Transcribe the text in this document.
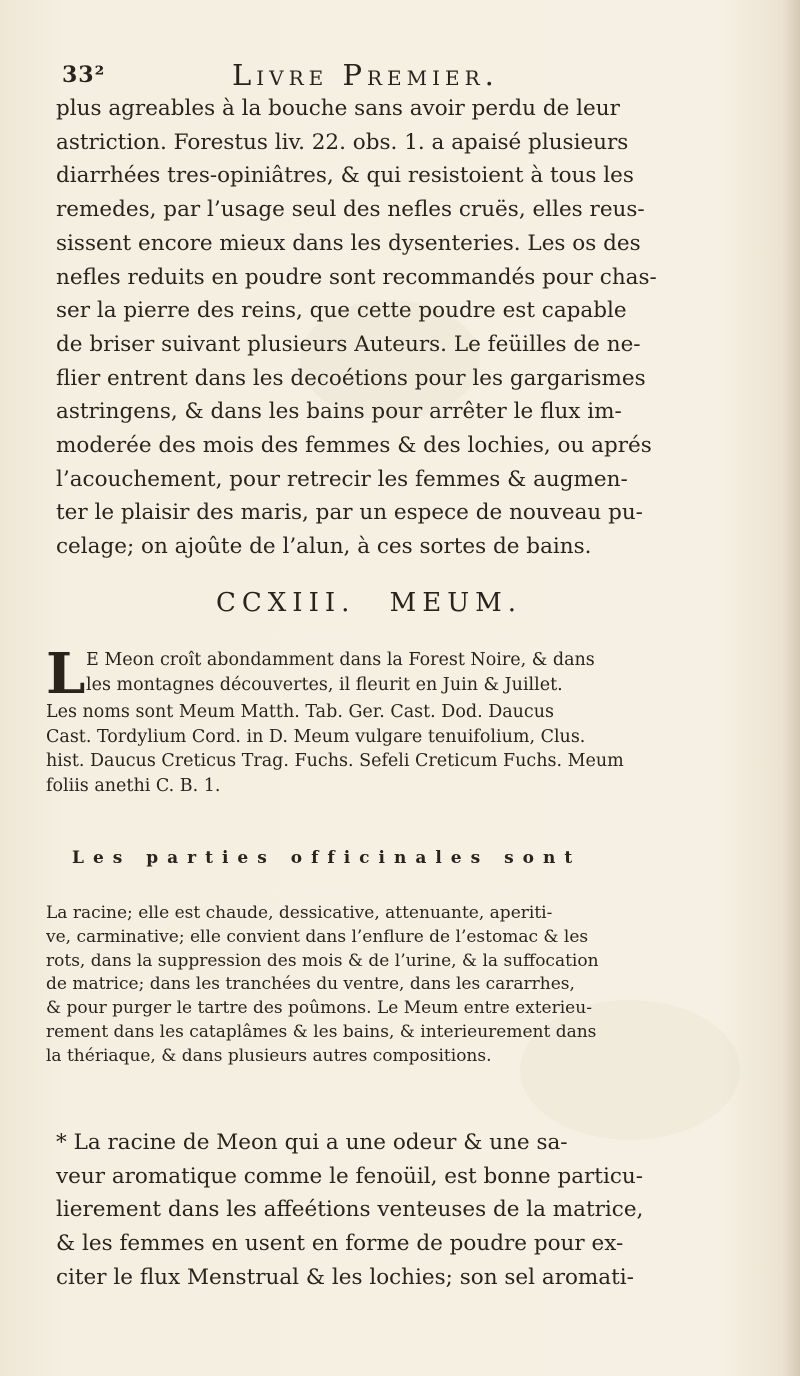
33²	Livre Premier.

plus agreables à la bouche sans avoir perdu de leur
astriction. Forestus liv. 22. obs. 1. a apaisé plusieurs
diarrhées tres-opiniâtres, & qui resistoient à tous les
remedes, par l’usage seul des nefles cruës, elles reus-
sissent encore mieux dans les dysenteries. Les os des
nefles reduits en poudre sont recommandés pour chas-
ser la pierre des reins, que cette poudre est capable
de briser suivant plusieurs Auteurs. Le feüilles de ne-
flier entrent dans les decoétions pour les gargarismes
astringens, & dans les bains pour arrêter le flux im-
moderée des mois des femmes & des lochies, ou aprés
l’acouchement, pour retrecir les femmes & augmen-
ter le plaisir des maris, par un espece de nouveau pu-
celage; on ajoûte de l’alun, à ces sortes de bains.

CCXIII. MEUM.
L E Meon croît abondamment dans la Forest Noire, & dans
les montagnes découvertes, il fleurit en Juin & Juillet.
Les noms sont Meum Matth. Tab. Ger. Cast. Dod. Daucus
Cast. Tordylium Cord. in D. Meum vulgare tenuifolium, Clus.
hist. Daucus Creticus Trag. Fuchs. Sefeli Creticum Fuchs. Meum
foliis anethi C. B. 1.
Les parties officinales sont
La racine; elle est chaude, dessicative, attenuante, aperiti-
ve, carminative; elle convient dans l’enflure de l’estomac & les
rots, dans la suppression des mois & de l’urine, & la suffocation
de matrice; dans les tranchées du ventre, dans les cararrhes,
& pour purger le tartre des poûmons. Le Meum entre exterieu-
rement dans les cataplâmes & les bains, & interieurement dans
la thériaque, & dans plusieurs autres compositions.
* La racine de Meon qui a une odeur & une sa-
veur aromatique comme le fenoüil, est bonne particu-
lierement dans les affeétions venteuses de la matrice,
& les femmes en usent en forme de poudre pour ex-
citer le flux Menstrual & les lochies; son sel aromati-
